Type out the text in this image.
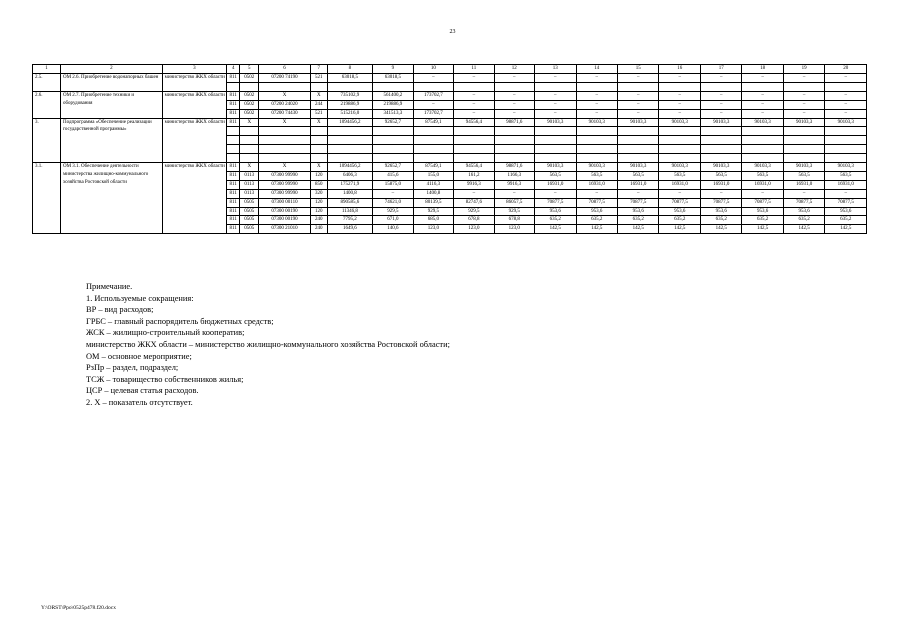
23
1	2	3	4	5	6	7	8	9	10	11	12	13	14	15	16	17	18	19	20
2.5.	ОМ 2.6. Приобретение водонапорных башен	министерство ЖКХ области	811	0502	07200 74190	521	63018,5	63018,5	–	–	–	–	–	–	–	–	–	–	–

2.6.	ОМ 2.7. Приобретение техники и оборудования	министерство ЖКХ области	811	0502	X	X	735102,9	561400,2	173702,7	–	–	–	–	–	–	–	–	–	–
			811	0502	07200 24020	244	219886,9	219886,9	–	–	–	–	–	–	–	–	–	–	–
			811	0502	07200 74430	521	515216,0	341513,3	173702,7	–	–	–	–	–	–	–	–	–	–
3.	Подпрограмма «Обеспечение реализации государственной программы»	министерство ЖКХ области	811	X	X	X	1094456,2	92652,7	87549,1	94556,4	98871,6	90103,3	90103,3	90103,3	90103,3	90103,3	90103,3	90103,3	90103,3

3.1.	ОМ 3.1. Обеспечение деятельности министерства жилищно-коммунального хозяйства Ростовской области	министерство ЖКХ области	811	X	X	X	1094456,2	92652,7	87549,1	94556,4	98871,6	90103,3	90103,3	90103,3	90103,3	90103,3	90103,3	90103,3	90103,3
			811	0113	07300 99990	120	6406,3	415,6	155,0	161,2	1166,3	563,5	563,5	563,5	563,5	563,5	563,5	563,5	563,5
			811	0113	07300 99990	850	175271,9	15875,0	4116,3	9916,3	9916,3	16931,0	16931,0	16931,0	16931,0	16931,0	16931,0	16931,0	16931,0
			811	0113	07300 99990	320	1400,8	–	1400,8	–	–	–	–	–	–	–	–	–	–
			811	0505	07300 00110	120	890585,6	74621,0	80139,5	82747,6	86057,5	70877,5	70877,5	70877,5	70877,5	70877,5	70877,5	70877,5	70877,5
			811	0505	07300 00190	120	11346,8	929,5	929,5	929,5	929,5	953,6	953,6	953,6	953,6	953,6	953,6	953,6	953,6
			811	0505	07300 00190	240	7795,2	671,0	685,0	678,8	678,8	635,2	635,2	635,2	635,2	635,2	635,2	635,2	635,2
			811	0505	07300 21010	240	1649,6	140,6	123,0	123,0	123,0	142,5	142,5	142,5	142,5	142,5	142,5	142,5	142,5
Примечание.
1. Используемые сокращения:
ВР – вид расходов;
ГРБС – главный распорядитель бюджетных средств;
ЖСК – жилищно-строительный кооператив;
министерство ЖКХ области – министерство жилищно-коммунального хозяйства Ростовской области;
ОМ – основное мероприятие;
РзПр – раздел, подраздел;
ТСЖ – товарищество собственников жилья;
ЦСР – целевая статья расходов.
2. Х – показатель отсутствует.
Y:\ORST\Ppo\0525p478.f20.docx
